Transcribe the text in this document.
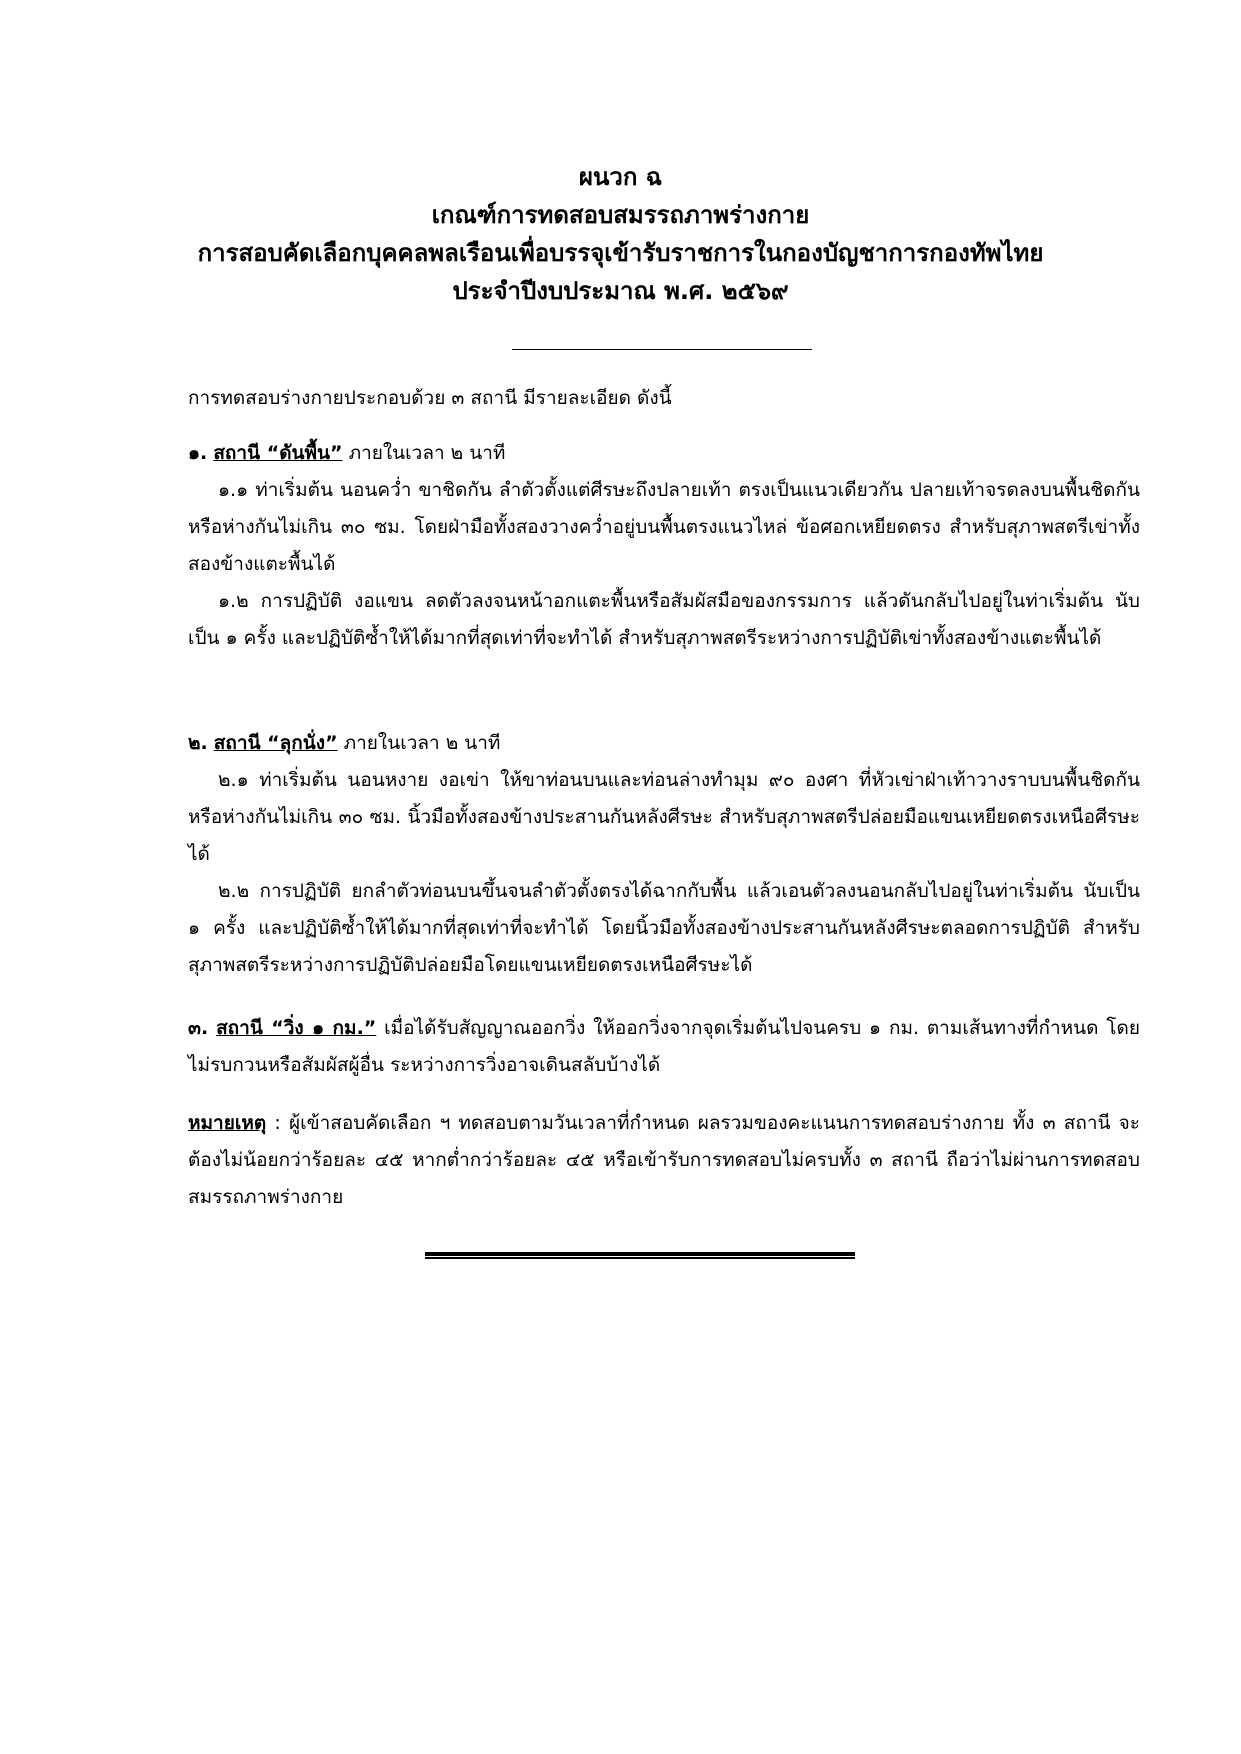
ผนวก ฉ
เกณฑ์การทดสอบสมรรถภาพร่างกาย
การสอบคัดเลือกบุคคลพลเรือนเพื่อบรรจุเข้ารับราชการในกองบัญชาการกองทัพไทย
ประจำปีงบประมาณ พ.ศ. ๒๕๖๙
การทดสอบร่างกายประกอบด้วย ๓ สถานี มีรายละเอียด ดังนี้

๑. สถานี “ดันพื้น” ภายในเวลา ๒ นาที

๑.๑ ท่าเริ่มต้น นอนคว่ำ ขาชิดกัน ลำตัวตั้งแต่ศีรษะถึงปลายเท้า ตรงเป็นแนวเดียวกัน ปลายเท้าจรดลงบนพื้นชิดกันหรือห่างกันไม่เกิน ๓๐ ซม. โดยฝ่ามือทั้งสองวางคว่ำอยู่บนพื้นตรงแนวไหล่ ข้อศอกเหยียดตรง สำหรับสุภาพสตรีเข่าทั้งสองข้างแตะพื้นได้

๑.๒ การปฏิบัติ งอแขน ลดตัวลงจนหน้าอกแตะพื้นหรือสัมผัสมือของกรรมการ แล้วดันกลับไปอยู่ในท่าเริ่มต้น นับเป็น ๑ ครั้ง และปฏิบัติซ้ำให้ได้มากที่สุดเท่าที่จะทำได้ สำหรับสุภาพสตรีระหว่างการปฏิบัติเข่าทั้งสองข้างแตะพื้นได้

๒. สถานี “ลุกนั่ง” ภายในเวลา ๒ นาที

๒.๑ ท่าเริ่มต้น นอนหงาย งอเข่า ให้ขาท่อนบนและท่อนล่างทำมุม ๙๐ องศา ที่หัวเข่าฝ่าเท้าวางราบบนพื้นชิดกันหรือห่างกันไม่เกิน ๓๐ ซม. นิ้วมือทั้งสองข้างประสานกันหลังศีรษะ สำหรับสุภาพสตรีปล่อยมือแขนเหยียดตรงเหนือศีรษะได้

๒.๒ การปฏิบัติ ยกลำตัวท่อนบนขึ้นจนลำตัวตั้งตรงได้ฉากกับพื้น แล้วเอนตัวลงนอนกลับไปอยู่ในท่าเริ่มต้น นับเป็น ๑ ครั้ง และปฏิบัติซ้ำให้ได้มากที่สุดเท่าที่จะทำได้ โดยนิ้วมือทั้งสองข้างประสานกันหลังศีรษะตลอดการปฏิบัติ สำหรับสุภาพสตรีระหว่างการปฏิบัติปล่อยมือโดยแขนเหยียดตรงเหนือศีรษะได้

๓. สถานี “วิ่ง ๑ กม.” เมื่อได้รับสัญญาณออกวิ่ง ให้ออกวิ่งจากจุดเริ่มต้นไปจนครบ ๑ กม. ตามเส้นทางที่กำหนด โดยไม่รบกวนหรือสัมผัสผู้อื่น ระหว่างการวิ่งอาจเดินสลับบ้างได้

หมายเหตุ : ผู้เข้าสอบคัดเลือก ฯ ทดสอบตามวันเวลาที่กำหนด ผลรวมของคะแนนการทดสอบร่างกาย ทั้ง ๓ สถานี จะต้องไม่น้อยกว่าร้อยละ ๔๕ หากต่ำกว่าร้อยละ ๔๕ หรือเข้ารับการทดสอบไม่ครบทั้ง ๓ สถานี ถือว่าไม่ผ่านการทดสอบสมรรถภาพร่างกาย
